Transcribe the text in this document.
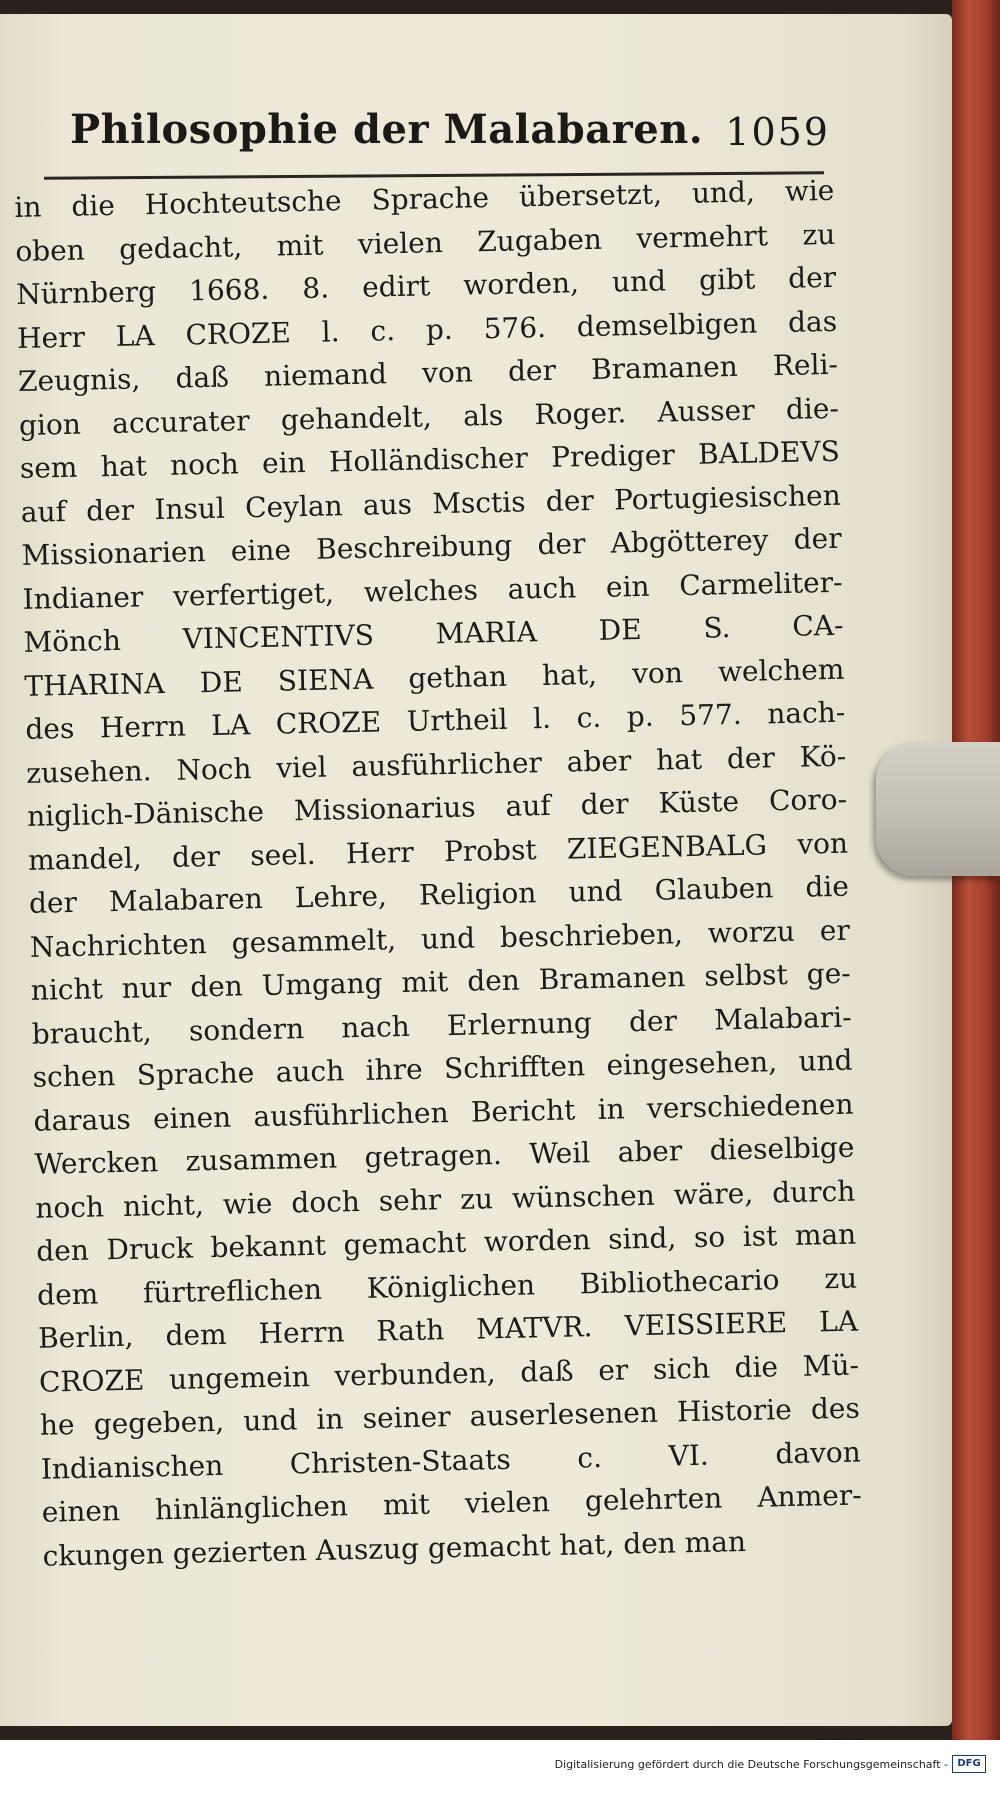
Philosophie der Malabaren. 1059
in die Hochteutsche Sprache übersetzt, und, wie
oben gedacht, mit vielen Zugaben vermehrt zu
Nürnberg 1668. 8. edirt worden, und gibt der
Herr LA CROZE l. c. p. 576. demselbigen das
Zeugnis, daß niemand von der Bramanen Reli-
gion accurater gehandelt, als Roger. Ausser die-
sem hat noch ein Holländischer Prediger BALDEVS
auf der Insul Ceylan aus Msctis der Portugiesischen
Missionarien eine Beschreibung der Abgötterey der
Indianer verfertiget, welches auch ein Carmeliter-
Mönch VINCENTIVS MARIA DE S. CA-
THARINA DE SIENA gethan hat, von welchem
des Herrn LA CROZE Urtheil l. c. p. 577. nach-
zusehen. Noch viel ausführlicher aber hat der Kö-
niglich-Dänische Missionarius auf der Küste Coro-
mandel, der seel. Herr Probst ZIEGENBALG von
der Malabaren Lehre, Religion und Glauben die
Nachrichten gesammelt, und beschrieben, worzu er
nicht nur den Umgang mit den Bramanen selbst ge-
braucht, sondern nach Erlernung der Malabari-
schen Sprache auch ihre Schrifften eingesehen, und
daraus einen ausführlichen Bericht in verschiedenen
Wercken zusammen getragen. Weil aber dieselbige
noch nicht, wie doch sehr zu wünschen wäre, durch
den Druck bekannt gemacht worden sind, so ist man
dem fürtreflichen Königlichen Bibliothecario zu
Berlin, dem Herrn Rath MATVR. VEISSIERE LA
CROZE ungemein verbunden, daß er sich die Mü-
he gegeben, und in seiner auserlesenen Historie des
Indianischen Christen-Staats c. VI. davon
einen hinlänglichen mit vielen gelehrten Anmer-
ckungen gezierten Auszug gemacht hat, den man
Digitalisierung gefördert durch die Deutsche Forschungsgemeinschaft - DFG
